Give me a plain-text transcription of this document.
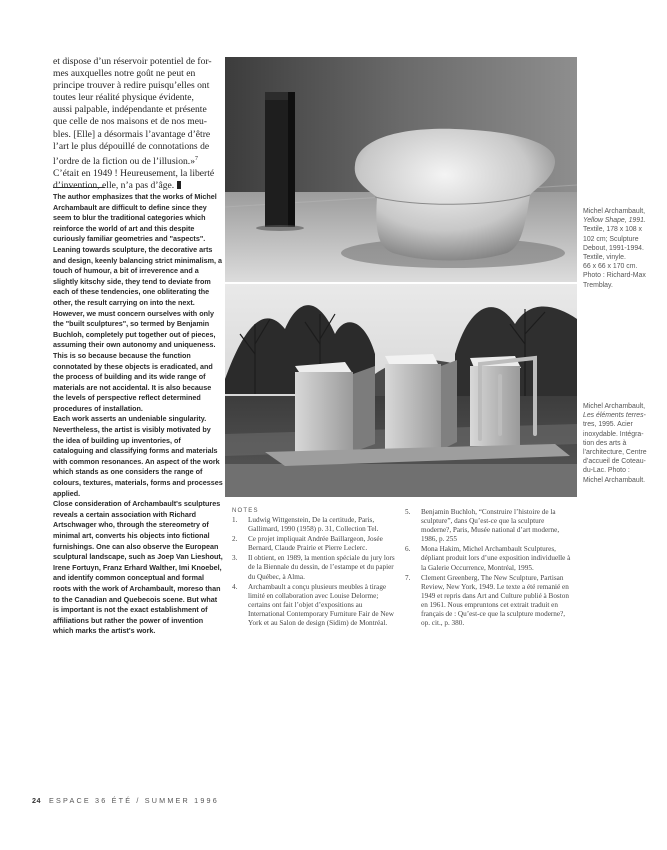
et dispose d’un réservoir potentiel de for-

mes auxquelles notre goût ne peut en

principe trouver à redire puisqu’elles ont

toutes leur réalité physique évidente,

aussi palpable, indépendante et présente

que celle de nos maisons et de nos meu-

bles. [Elle] a désormais l’avantage d’être

l’art le plus dépouillé de connotations de

l’ordre de la fiction ou de l’illusion.»$^7$

C’était en 1949 ! Heureusement, la liberté

d’invention, elle, n’a pas d’âge.

The author emphasizes that the works of Michel Archambault are difficult to define since they seem to blur the traditional categories which reinforce the world of art and this despite curiously familiar geometries and "aspects". Leaning towards sculpture, the decorative arts and design, keenly balancing strict minimalism, a touch of humour, a bit of irreverence and a slightly kitschy side, they tend to deviate from each of these tendencies, one obliterating the other, the result carrying on into the next.

However, we must concern ourselves with only the "built sculptures", so termed by Benjamin Buchloh, completely put together out of pieces, assuming their own autonomy and uniqueness. This is so because because the function connotated by these objects is eradicated, and the process of building and its wide range of materials are not accidental. It is also because the levels of perspective reflect determined procedures of installation.

Each work asserts an undeniable singularity. Nevertheless, the artist is visibly motivated by the idea of building up inventories, of cataloguing and classifying forms and materials with common resonances. An aspect of the work which stands as one considers the range of colours, textures, materials, forms and processes applied.

Close consideration of Archambault's sculptures reveals a certain association with Richard Artschwager who, through the stereometry of minimal art, converts his objects into fictional furnishings. One can also observe the European sculptural landscape, such as Joep Van Lieshout, Irene Fortuyn, Franz Erhard Walther, Imi Knoebel, and identify common conceptual and formal roots with the work of Archambault, moreso than to the Canadian and Quebecois scene. But what is important is not the exact establishment of affiliations but rather the power of invention which marks the artist's work.

Michel Archambault,
Yellow Shape, 1991.
Textile, 178 x 108 x
102 cm; Sculpture
Debout, 1991-1994.
Textile, vinyle.
66 x 66 x 170 cm.
Photo : Richard-Max
Tremblay.
Michel Archambault,
Les éléments terres-
tres, 1995. Acier
inoxydable. Intégra-
tion des arts à
l’architecture, Centre
d’accueil de Coteau-
du-Lac. Photo :
Michel Archambault.
NOTES
1. Ludwig Wittgenstein, De la certitude, Paris, Gallimard, 1990 (1958) p. 31, Collection Tel.
2. Ce projet impliquait Andrée Baillargeon, Josée Bernard, Claude Prairie et Pierre Leclerc.
3. Il obtient, en 1989, la mention spéciale du jury lors de la Biennale du dessin, de l’estampe et du papier du Québec, à Alma.
4. Archambault a conçu plusieurs meubles à tirage limité en collaboration avec Louise Delorme; certains ont fait l’objet d’expositions au International Contemporary Furniture Fair de New York et au Salon de design (Sidim) de Montréal.
5. Benjamin Buchloh, “Construire l’histoire de la sculpture”, dans Qu’est-ce que la sculpture moderne?, Paris, Musée national d’art moderne, 1986, p. 255
6. Mona Hakim, Michel Archambault Sculptures, dépliant produit lors d’une exposition individuelle à la Galerie Occurrence, Montréal, 1995.
7. Clement Greenberg, The New Sculpture, Partisan Review, New York, 1949. Le texte a été remanié en 1949 et repris dans Art and Culture publié à Boston en 1961. Nous empruntons cet extrait traduit en français de : Qu’est-ce que la sculpture moderne?, op. cit., p. 380.
24 ESPACE 36 ÉTÉ / SUMMER 1996
